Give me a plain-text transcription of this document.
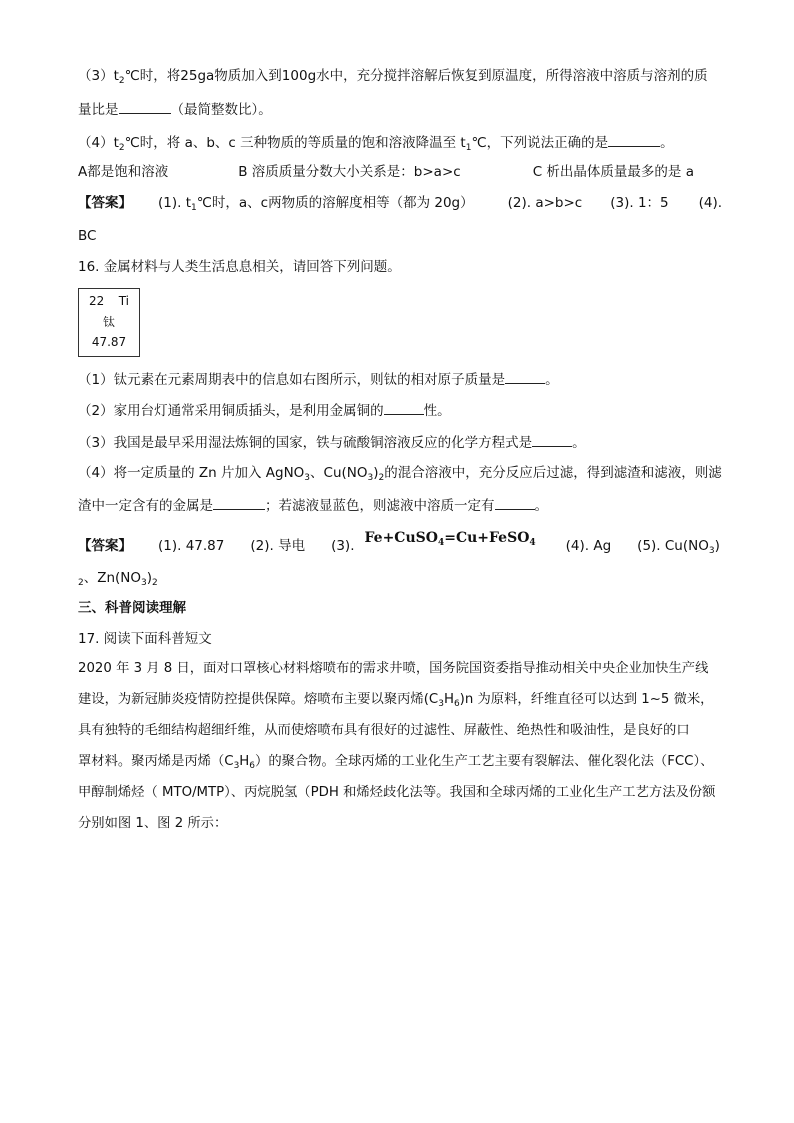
$(3)t_2℃$时，将25ga物质加入到100g水中，充分搅拌溶解后恢复到原温度，所得溶液中溶质与溶剂的质
量比是	（最简整数比）。
$(4)t_2℃$时，将 a、b、c 三种物质的等质量的饱和溶液降温至 $t_1℃$，下列说法正确的是	。
A都是饱和溶液	B 溶质质量分数大小关系是：b>a>c	C 析出晶体质量最多的是 a
【答案】 (1). $t_1℃$时，a、c两物质的溶解度相等（都为 20g）	(2). a>b>c (3). 1：5 (4).
BC
16. 金属材料与人类生活息息相关，请回答下列问题。
22 Ti
钛
47.87
（1）钛元素在元素周期表中的信息如右图所示，则钛的相对原子质量是	。
（2）家用台灯通常采用铜质插头，是利用金属铜的	性。
（3）我国是最早采用湿法炼铜的国家，铁与硫酸铜溶液反应的化学方程式是	。
（4）将一定质量的 Zn 片加入 AgNO$_3$、$Cu(NO_3)_2$的混合溶液中，充分反应后过滤，得到滤渣和滤液，则滤
渣中一定含有的金属是	；若滤液显蓝色，则滤液中溶质一定有	。
【答案】 (1). 47.87 (2). 导电 (3). Fe+CuSO$_4$=Cu+FeSO$_4$ (4). Ag (5). $Cu(NO_3)$
$_2$、$Zn(NO_3)_2$
三、科普阅读理解
17. 阅读下面科普短文
2020 年 3 月 8 日，面对口罩核心材料熔喷布的需求井喷，国务院国资委指导推动相关中央企业加快生产线
建设，为新冠肺炎疫情防控提供保障。熔喷布主要以聚丙烯$(C_3H_6)n$ 为原料，纤维直径可以达到 1~5 微米，
具有独特的毛细结构超细纤维，从而使熔喷布具有很好的过滤性、屏蔽性、绝热性和吸油性，是良好的口
罩材料。聚丙烯是丙烯$(C_3H_6)$的聚合物。全球丙烯的工业化生产工艺主要有裂解法、催化裂化法（FCC）、
甲醇制烯烃（ MTO/MTP）、丙烷脱氢（PDH 和烯烃歧化法等。我国和全球丙烯的工业化生产工艺方法及份额
分别如图 1、图 2 所示：
